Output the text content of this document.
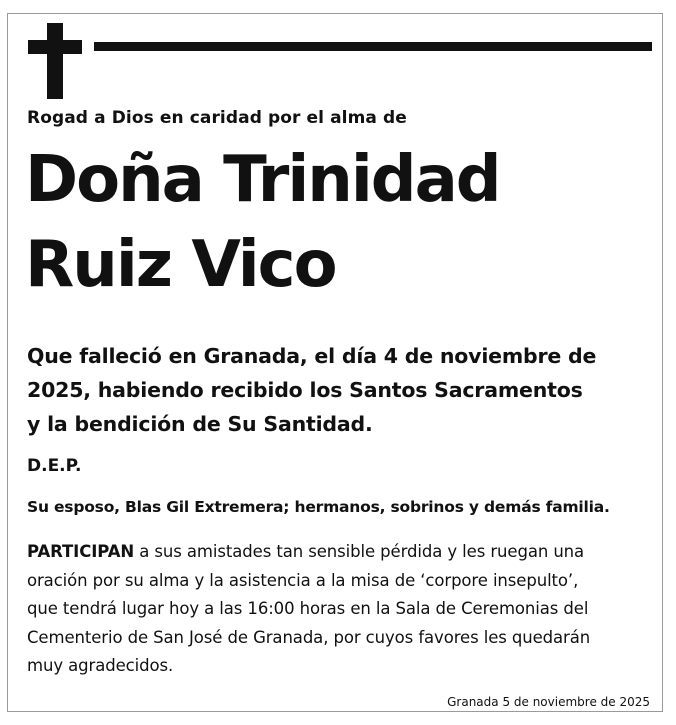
Rogad a Dios en caridad por el alma de
Doña Trinidad
Ruiz Vico
Que falleció en Granada, el día 4 de noviembre de
2025, habiendo recibido los Santos Sacramentos
y la bendición de Su Santidad.
D.E.P.
Su esposo, Blas Gil Extremera; hermanos, sobrinos y demás familia.
PARTICIPAN a sus amistades tan sensible pérdida y les ruegan una
oración por su alma y la asistencia a la misa de ‘corpore insepulto’,
que tendrá lugar hoy a las 16:00 horas en la Sala de Ceremonias del
Cementerio de San José de Granada, por cuyos favores les quedarán
muy agradecidos.
Granada 5 de noviembre de 2025
